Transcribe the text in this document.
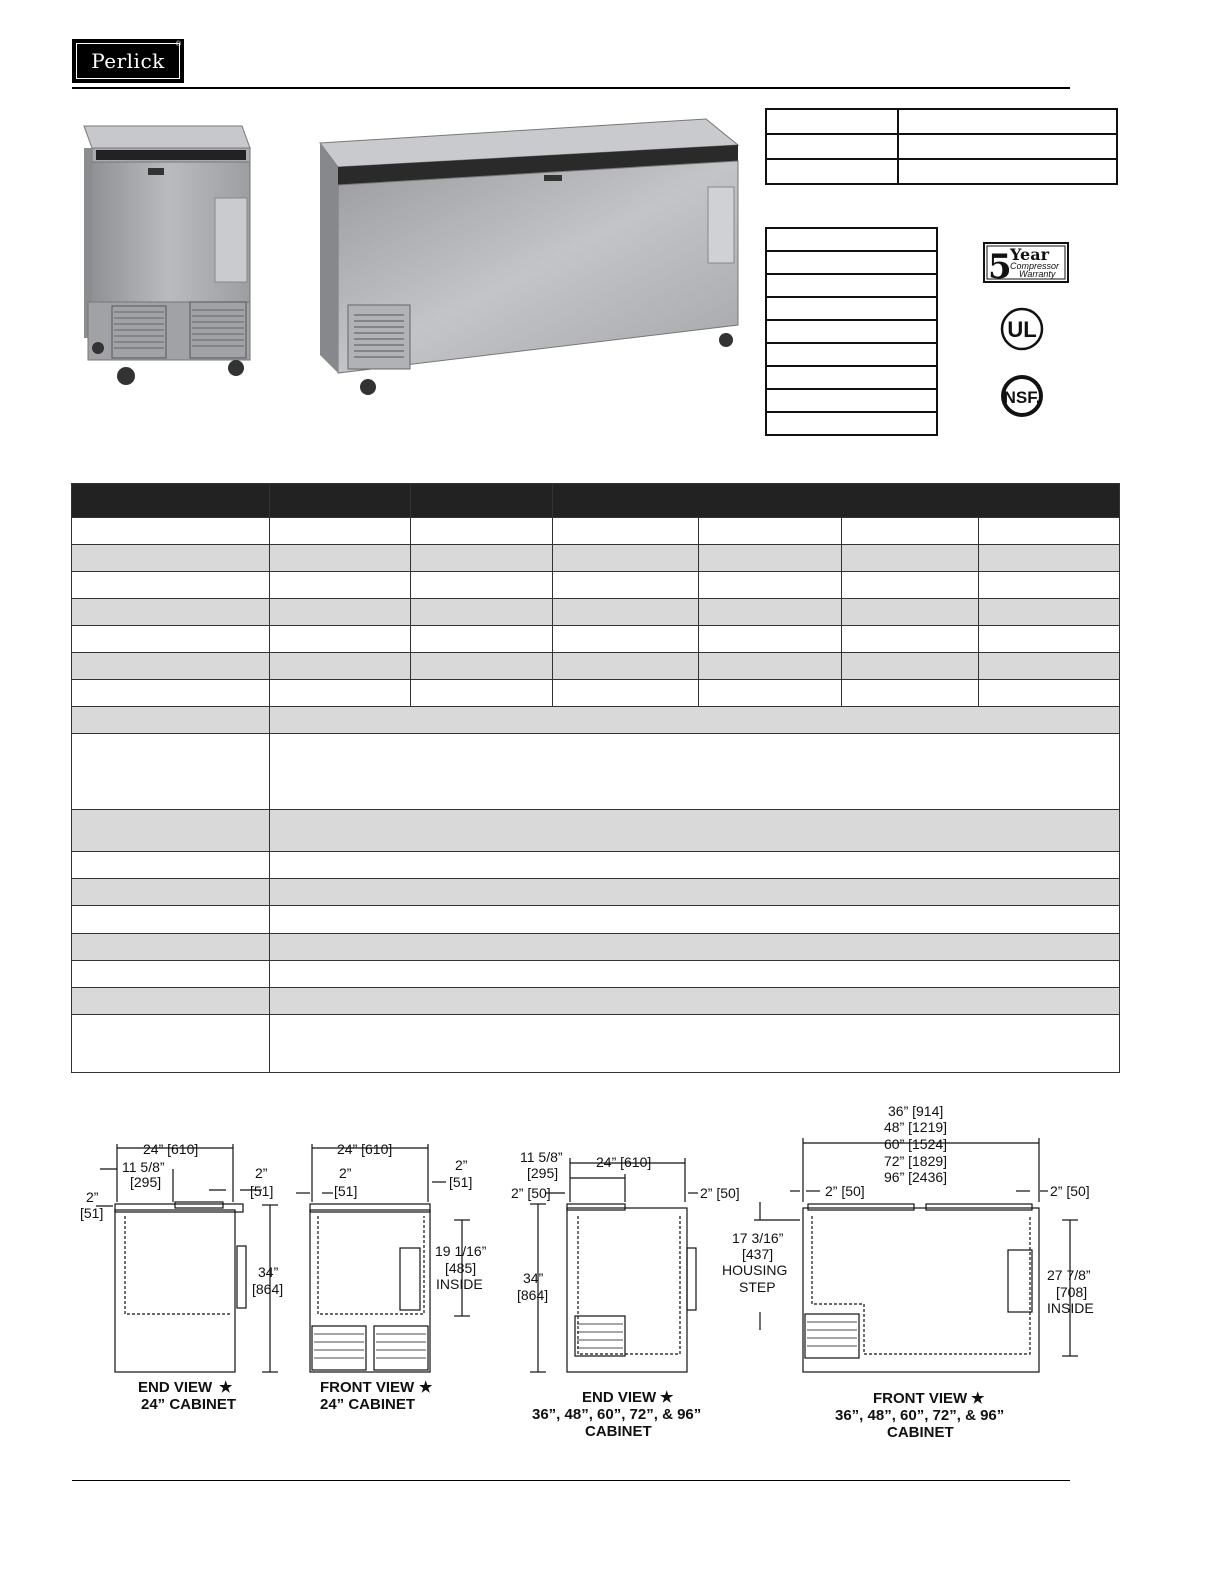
Perlick
®

5
Year
Compressor
Warranty
UL
NSF.

24” [610]
11 5/8”
[295]
2”
[51]
2”
[51]
34”
[864]
24” [610]
2”
[51]
2”
[51]
19 1/16”
[485]
INSIDE
11 5/8”
[295]
24” [610]
2” [50]	2” [50]
34”
[864]
36” [914]
48” [1219]
60” [1524]
72” [1829]
96” [2436]
2” [50]	2” [50]
17 3/16”
[437]
HOUSING
STEP
27 7/8”
[708]
INSIDE
END VIEW ★
24” CABINET
FRONT VIEW ★
24” CABINET	END VIEW ★
36”, 48”, 60”, 72”, & 96”
CABINET
FRONT VIEW ★
36”, 48”, 60”, 72”, & 96”
CABINET
